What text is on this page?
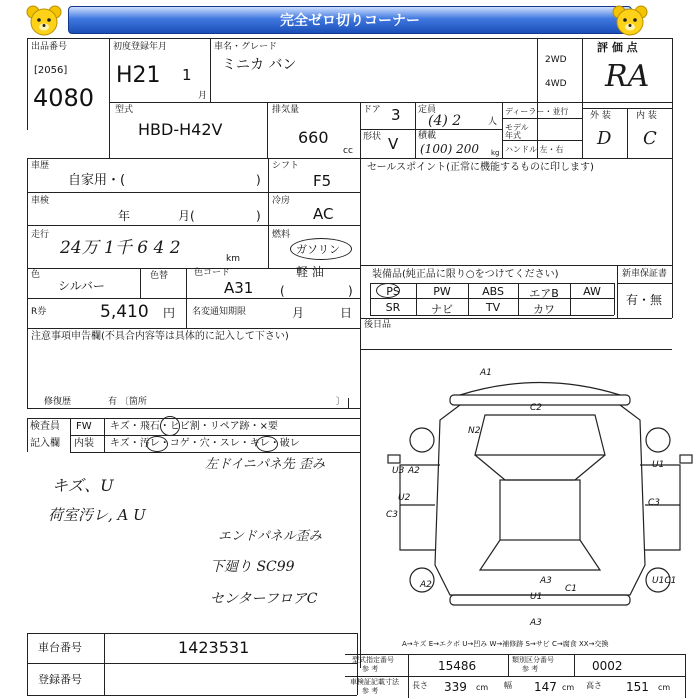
完全ゼロ切りコーナー
出品番号
[2056]
4080
初度登録年月
H21 1
月
車名・グレード
ミニカ バン	2WD
4WD
評 価 点
RA
型式
HBD-H42V
排気量
660
cc
ドア 3
形状 V
定員
(4) 2	人
積載
(100) 200 kg
ディーラー・並行
モデル年式
ハンドル 左・右
外 装	内 装
D C
車歴
自家用・(	)
車検
年	月(	)
走行
24万 1千 6 4 2
km
色
シルバー
色替	色コード
A31
R券	5,410 円 名変通知期限	月	日
シフト
F5
冷房
AC
燃料
ガソリン
軽 油
(	)
セールスポイント(正常に機能するものに印します)
装備品(純正品に限り○をつけてください)	新車保証書
有・無
PS	PW	ABS	エアB	AW
SR	ナビ	TV	カワ
後日品
注意事項申告欄(不具合内容等は具体的に記入して下さい)
修復歴	有 〔箇所	〕
検査員
記入欄
FW キズ・飛石・ヒビ割・リペア跡・×要
内装 キズ・汚レ・コゲ・穴・スレ・キレ・破レ
キズ、U
荷室汚レ, A U
左ドイニパネ先 歪み
エンドパネル歪み
下廻り SC99
センターフロアC
A1
C2
N2
U3 A2
U2
C3
U1
C3
A2
U1
A3
C1
U1C1
A3
車台番号	1423531
登録番号
A→キズ E→エクボ U→凹み W→補修跡 S→サビ C→腐食 XX→交換
型式指定番号
参 考	15486	類別区分番号
参 考	0002
車検証記載寸法
参 考
長さ 339 cm 幅 147 cm 高さ 151 cm
